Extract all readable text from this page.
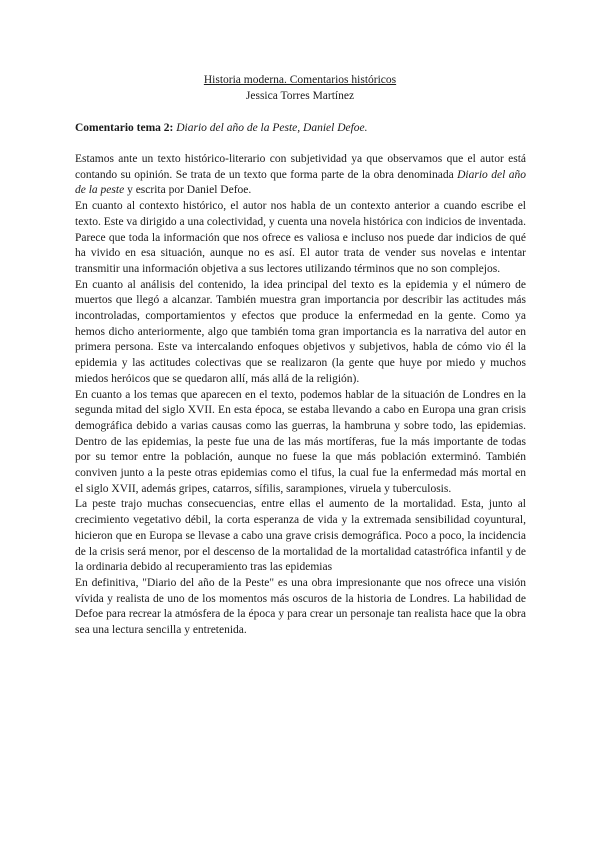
Historia moderna. Comentarios históricos
Jessica Torres Martínez
Comentario tema 2: Diario del año de la Peste, Daniel Defoe.

Estamos ante un texto histórico-literario con subjetividad ya que observamos que el autor está contando su opinión. Se trata de un texto que forma parte de la obra denominada Diario del año de la peste y escrita por Daniel Defoe.

En cuanto al contexto histórico, el autor nos habla de un contexto anterior a cuando escribe el texto. Este va dirigido a una colectividad, y cuenta una novela histórica con indicios de inventada. Parece que toda la información que nos ofrece es valiosa e incluso nos puede dar indicios de qué ha vivido en esa situación, aunque no es así. El autor trata de vender sus novelas e intentar transmitir una información objetiva a sus lectores utilizando términos que no son complejos.

En cuanto al análisis del contenido, la idea principal del texto es la epidemia y el número de muertos que llegó a alcanzar. También muestra gran importancia por describir las actitudes más incontroladas, comportamientos y efectos que produce la enfermedad en la gente. Como ya hemos dicho anteriormente, algo que también toma gran importancia es la narrativa del autor en primera persona. Este va intercalando enfoques objetivos y subjetivos, habla de cómo vio él la epidemia y las actitudes colectivas que se realizaron (la gente que huye por miedo y muchos miedos heróicos que se quedaron allí, más allá de la religión).

En cuanto a los temas que aparecen en el texto, podemos hablar de la situación de Londres en la segunda mitad del siglo XVII. En esta época, se estaba llevando a cabo en Europa una gran crisis demográfica debido a varias causas como las guerras, la hambruna y sobre todo, las epidemias. Dentro de las epidemias, la peste fue una de las más mortíferas, fue la más importante de todas por su temor entre la población, aunque no fuese la que más población exterminó. También conviven junto a la peste otras epidemias como el tifus, la cual fue la enfermedad más mortal en el siglo XVII, además gripes, catarros, sífilis, sarampiones, viruela y tuberculosis.

La peste trajo muchas consecuencias, entre ellas el aumento de la mortalidad. Esta, junto al crecimiento vegetativo débil, la corta esperanza de vida y la extremada sensibilidad coyuntural, hicieron que en Europa se llevase a cabo una grave crisis demográfica. Poco a poco, la incidencia de la crisis será menor, por el descenso de la mortalidad de la mortalidad catastrófica infantil y de la ordinaria debido al recuperamiento tras las epidemias

En definitiva, "Diario del año de la Peste" es una obra impresionante que nos ofrece una visión vívida y realista de uno de los momentos más oscuros de la historia de Londres. La habilidad de Defoe para recrear la atmósfera de la época y para crear un personaje tan realista hace que la obra sea una lectura sencilla y entretenida.
